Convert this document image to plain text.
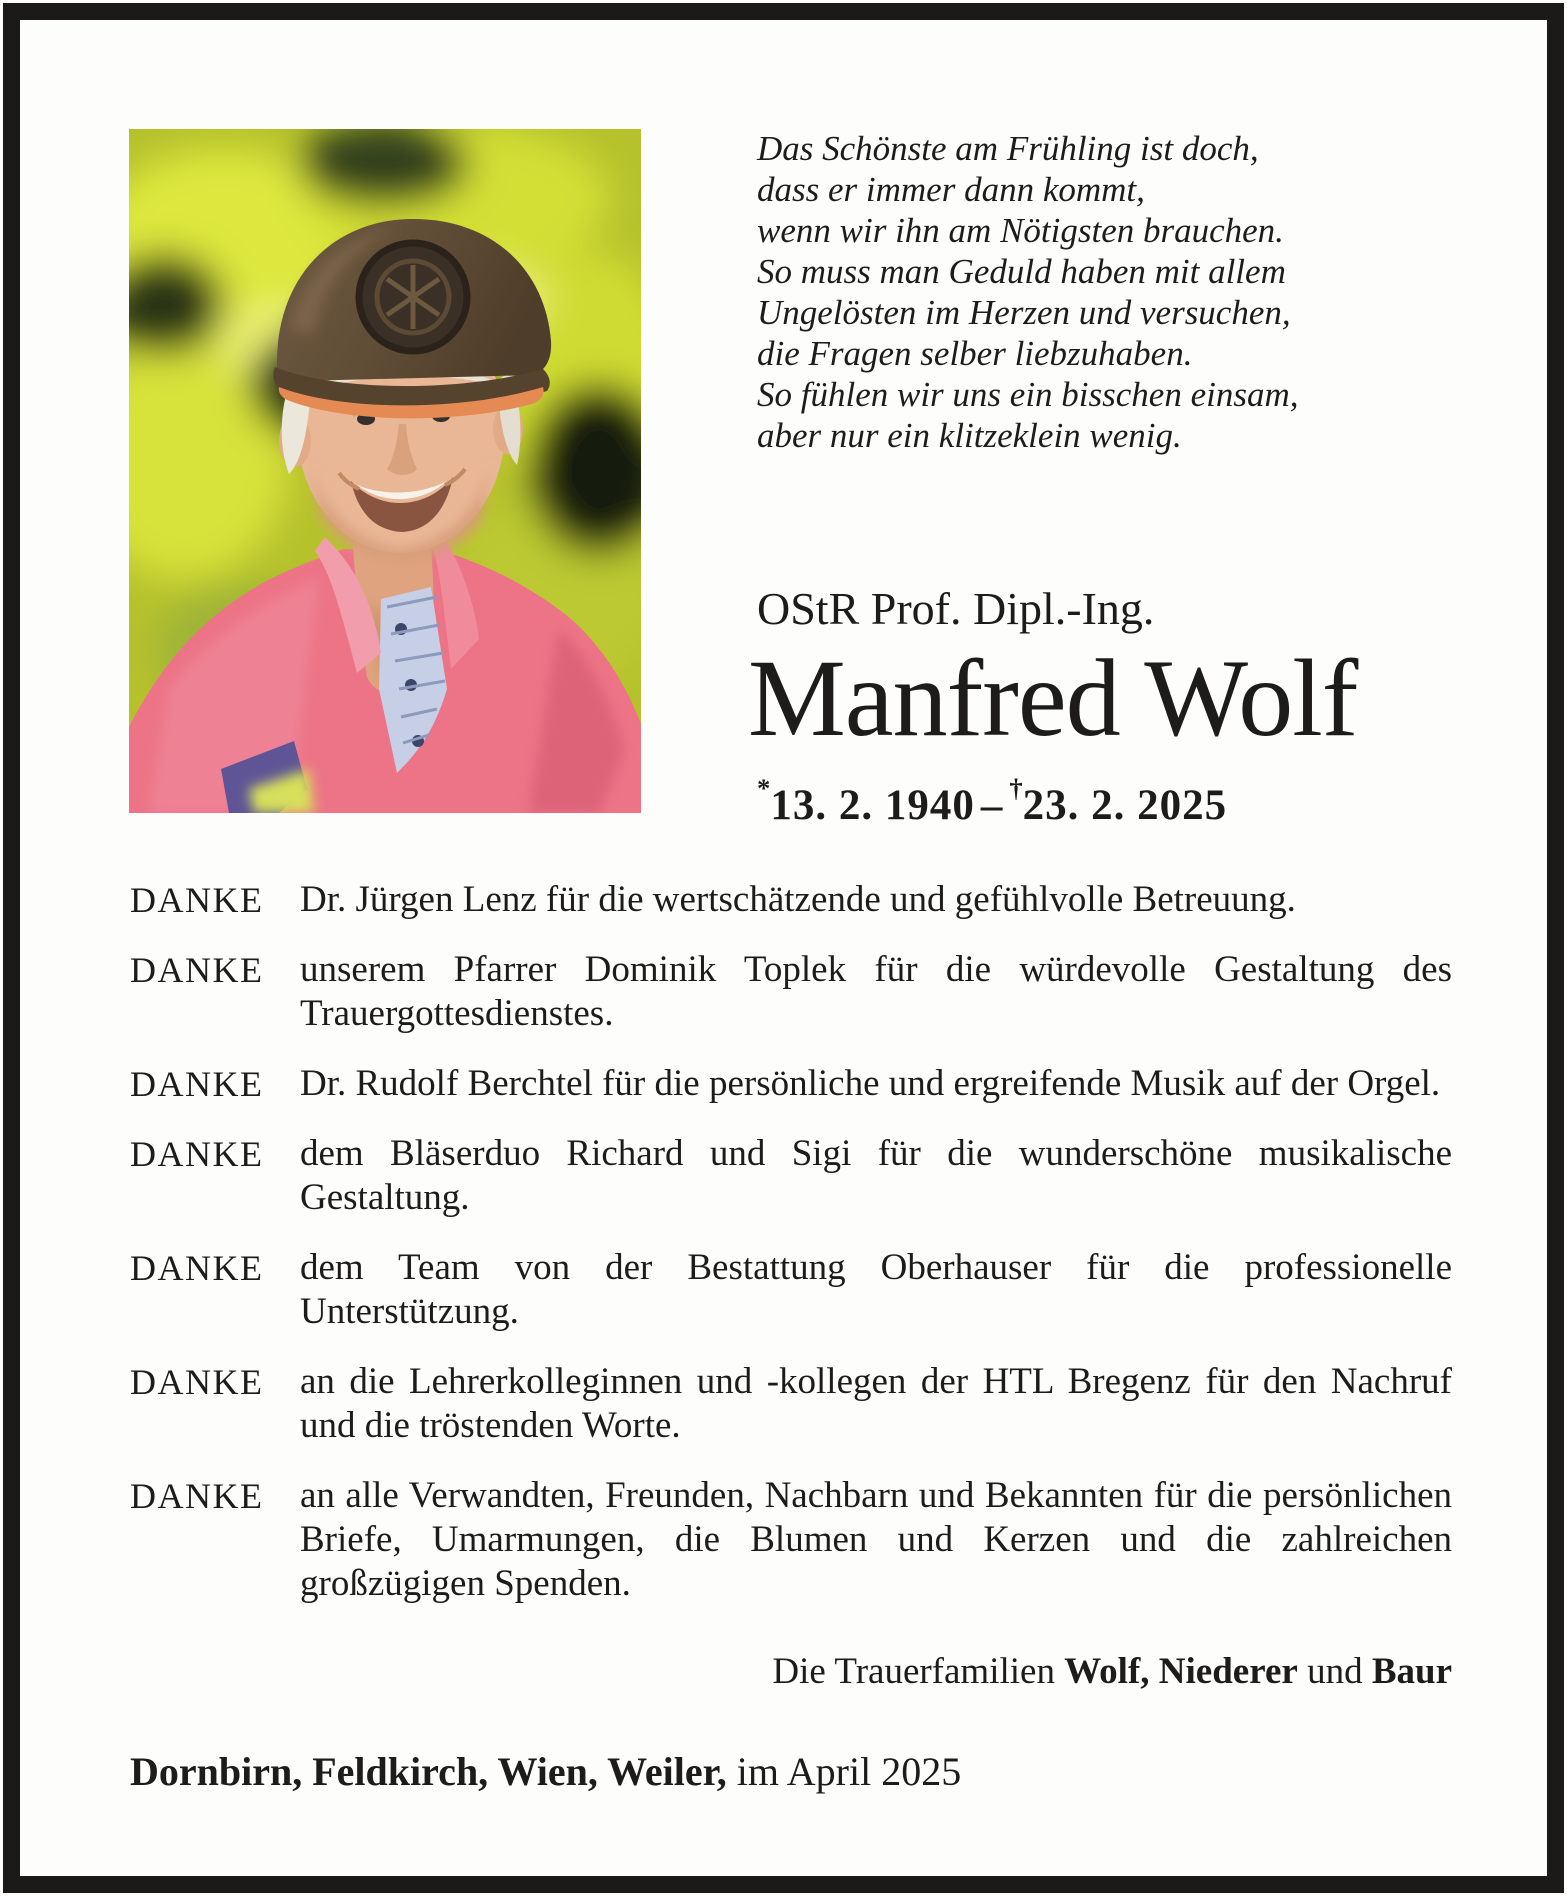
Das Schönste am Frühling ist doch,
dass er immer dann kommt,
wenn wir ihn am Nötigsten brauchen.
So muss man Geduld haben mit allem
Ungelösten im Herzen und versuchen,
die Fragen selber liebzuhaben.
So fühlen wir uns ein bisschen einsam,
aber nur ein klitzeklein wenig.
OStR Prof. Dipl.-Ing.
Manfred Wolf
*13. 2. 1940 – †23. 2. 2025
DANKE Dr. Jürgen Lenz für die wertschätzende und gefühlvolle Betreuung.

DANKE unserem Pfarrer Dominik Toplek für die würdevolle Gestaltung des Trauergottesdienstes.

DANKE Dr. Rudolf Berchtel für die persönliche und ergreifende Musik auf der Orgel.

DANKE dem Bläserduo Richard und Sigi für die wunderschöne musikalische Gestaltung.

DANKE dem Team von der Bestattung Oberhauser für die professionelle Unterstützung.

DANKE an die Lehrerkolleginnen und -kollegen der HTL Bregenz für den Nachruf und die tröstenden Worte.

DANKE an alle Verwandten, Freunden, Nachbarn und Bekannten für die persönlichen Briefe, Umarmungen, die Blumen und Kerzen und die zahlreichen großzügigen Spenden.

Die Trauerfamilien Wolf, Niederer und Baur
Dornbirn, Feldkirch, Wien, Weiler, im April 2025
